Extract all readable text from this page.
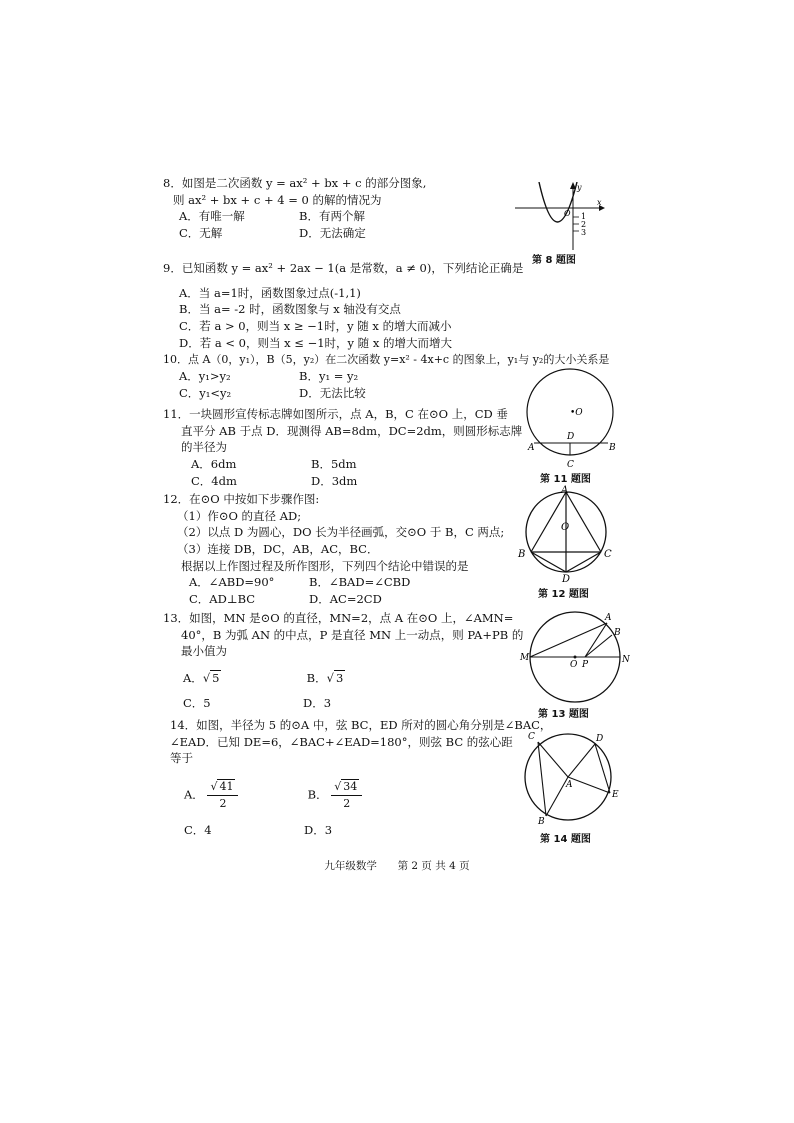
8．如图是二次函数 y = ax² + bx + c 的部分图象,
则 ax² + bx + c + 4 = 0 的解的情况为
A．有唯一解	B．有两个解
C．无解	D．无法确定
y
x
O 1
2
3
第 8 题图
9．已知函数 y = ax² + 2ax − 1(a 是常数，a ≠ 0)，下列结论正确是
A．当 a=1时，函数图象过点(-1,1)
B．当 a= -2 时，函数图象与 x 轴没有交点
C．若 a > 0，则当 x ≥ −1时，y 随 x 的增大而减小
D．若 a < 0，则当 x ≤ −1时，y 随 x 的增大而增大
10．点 A（0，y₁），B（5，y₂）在二次函数 y=x² - 4x+c 的图象上，y₁与 y₂的大小关系是
A．y₁>y₂	B．y₁ = y₂
C．y₁<y₂	D．无法比较
11．一块圆形宣传标志牌如图所示，点 A，B，C 在⊙O 上，CD 垂
直平分 AB 于点 D．现测得 AB=8dm，DC=2dm，则圆形标志牌
的半径为
A．6dm	B．5dm
C．4dm	D．3dm
•O
A	B
D
C
第 11 题图
12．在⊙O 中按如下步骤作图:
（1）作⊙O 的直径 AD;
（2）以点 D 为圆心，DO 长为半径画弧，交⊙O 于 B，C 两点;
（3）连接 DB，DC，AB，AC，BC．
根据以上作图过程及所作图形，下列四个结论中错误的是
A．∠ABD=90°	B．∠BAD=∠CBD
C．AD⊥BC	D．AC=2CD
A
O
B	C
D
第 12 题图
13．如图，MN 是⊙O 的直径，MN=2，点 A 在⊙O 上，∠AMN=
40°，B 为弧 AN 的中点，P 是直径 MN 上一动点，则 PA+PB 的
最小值为
A．√ 5	B．√ 3
C．5	D．3
M	N
O P
A
B
第 13 题图
14．如图，半径为 5 的⊙A 中，弦 BC，ED 所对的圆心角分别是∠BAC，
∠EAD．已知 DE=6，∠BAC+∠EAD=180°，则弦 BC 的弦心距
等于
A． $\frac{√ 41}{2}$	B． $\frac{√ 34}{2}$
C．4	D．3
C	D
A
E
B
第 14 题图
九年级数学 第 2 页 共 4 页
